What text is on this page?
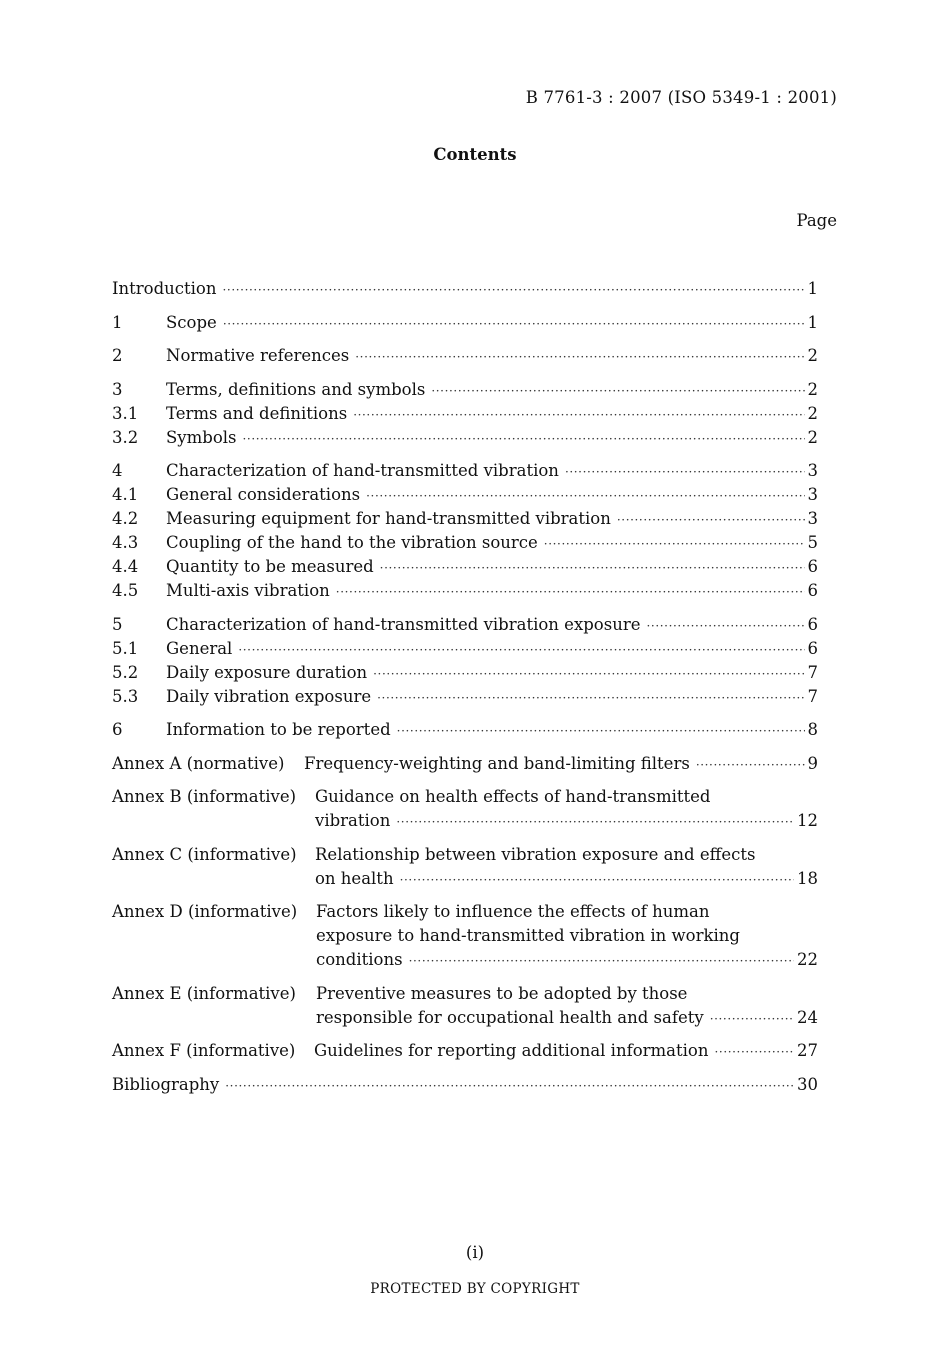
B 7761-3 : 2007 (ISO 5349-1 : 2001)
Contents
Page
Introduction ·····	1
1	Scope ·····	1
2	Normative references ·····	2
3	Terms, definitions and symbols ·····	2
3.1	Terms and definitions ·····	2
3.2	Symbols ·····	2
4	Characterization of hand-transmitted vibration ·····	3
4.1	General considerations ·····	3
4.2	Measuring equipment for hand-transmitted vibration ·····	3
4.3	Coupling of the hand to the vibration source ·····	5
4.4	Quantity to be measured ·····	6
4.5	Multi-axis vibration ·····	6
5	Characterization of hand-transmitted vibration exposure ·····	6
5.1	General ·····	6
5.2	Daily exposure duration ·····	7
5.3	Daily vibration exposure ·····	7
6	Information to be reported ·····	8
Annex A (normative)	Frequency-weighting and band-limiting filters ·····	9
Annex B (informative)	Guidance on health effects of hand-transmitted
vibration ·····	12
Annex C (informative)	Relationship between vibration exposure and effects
on health ·····	18
Annex D (informative)	Factors likely to influence the effects of human
exposure to hand-transmitted vibration in working
conditions ·····	22
Annex E (informative)	Preventive measures to be adopted by those
responsible for occupational health and safety ·····	24
Annex F (informative)	Guidelines for reporting additional information ·····	27
Bibliography ·····	30
(i)
PROTECTED BY COPYRIGHT
